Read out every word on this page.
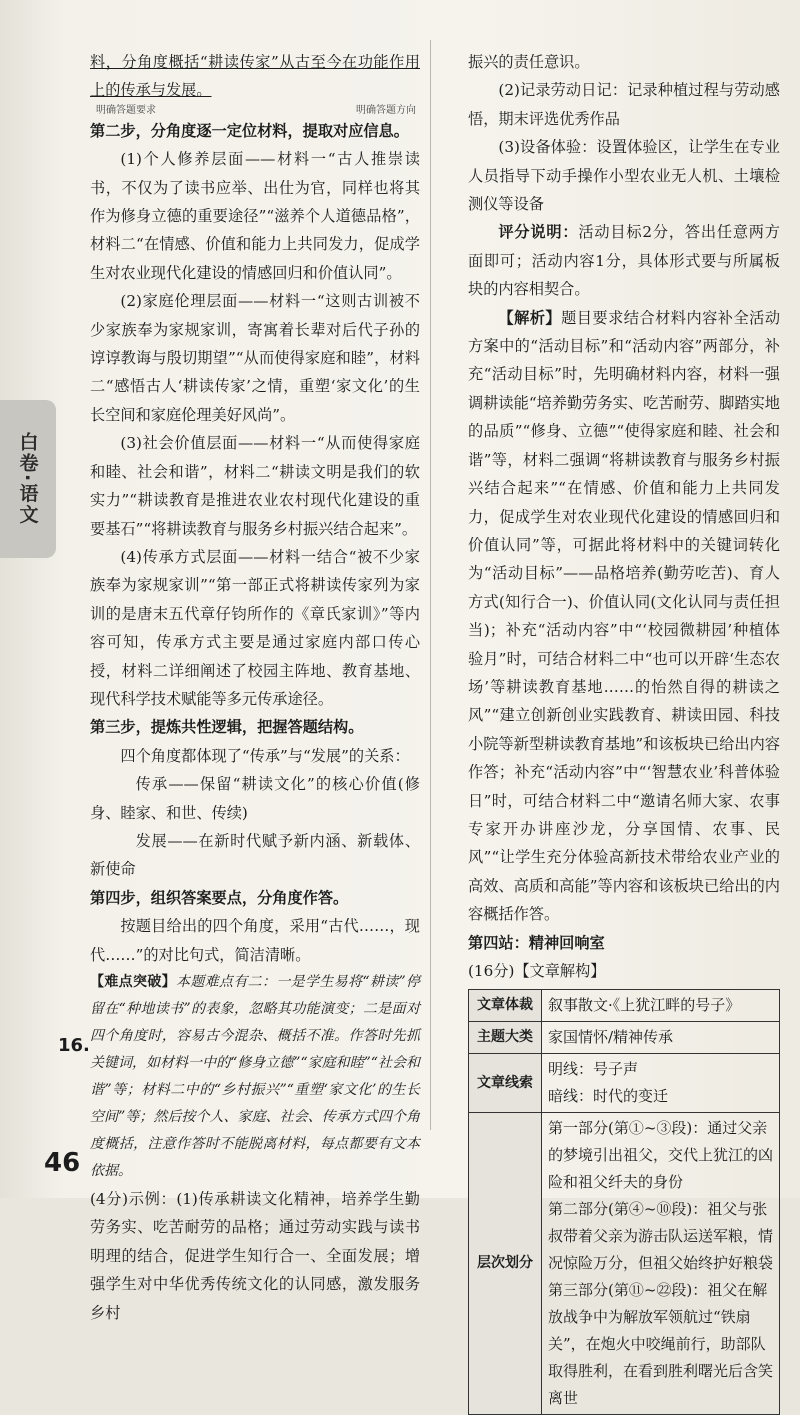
白卷·语文

料，分角度概括“耕读传家”从古至今在功能作用上的传承与发展。

明确答题要求	明确答题方向

第二步，分角度逐一定位材料，提取对应信息。

(1)个人修养层面——材料一“古人推崇读书，不仅为了读书应举、出仕为官，同样也将其作为修身立德的重要途径”“滋养个人道德品格”，材料二“在情感、价值和能力上共同发力，促成学生对农业现代化建设的情感回归和价值认同”。

(2)家庭伦理层面——材料一“这则古训被不少家族奉为家规家训，寄寓着长辈对后代子孙的谆谆教诲与殷切期望”“从而使得家庭和睦”，材料二“感悟古人‘耕读传家’之情，重塑‘家文化’的生长空间和家庭伦理美好风尚”。

(3)社会价值层面——材料一“从而使得家庭和睦、社会和谐”，材料二“耕读文明是我们的软实力”“耕读教育是推进农业农村现代化建设的重要基石”“将耕读教育与服务乡村振兴结合起来”。

(4)传承方式层面——材料一结合“被不少家族奉为家规家训”“第一部正式将耕读传家列为家训的是唐末五代章仔钧所作的《章氏家训》”等内容可知，传承方式主要是通过家庭内部口传心授，材料二详细阐述了校园主阵地、教育基地、现代科学技术赋能等多元传承途径。

第三步，提炼共性逻辑，把握答题结构。

四个角度都体现了“传承”与“发展”的关系：

传承——保留“耕读文化”的核心价值(修身、睦家、和世、传续)

发展——在新时代赋予新内涵、新载体、新使命

第四步，组织答案要点，分角度作答。

按题目给出的四个角度，采用“古代……，现代……”的对比句式，简洁清晰。

【难点突破】本题难点有二：一是学生易将“耕读”停留在“种地读书”的表象，忽略其功能演变；二是面对四个角度时，容易古今混杂、概括不准。作答时先抓关键词，如材料一中的“修身立德”“家庭和睦”“社会和谐”等；材料二中的“乡村振兴”“重塑‘家文化’的生长空间”等；然后按个人、家庭、社会、传承方式四个角度概括，注意作答时不能脱离材料，每点都要有文本依据。

(4分)示例：(1)传承耕读文化精神，培养学生勤劳务实、吃苦耐劳的品格；通过劳动实践与读书明理的结合，促进学生知行合一、全面发展；增强学生对中华优秀传统文化的认同感，激发服务乡村

16.

振兴的责任意识。

(2)记录劳动日记：记录种植过程与劳动感悟，期末评选优秀作品

(3)设备体验：设置体验区，让学生在专业人员指导下动手操作小型农业无人机、土壤检测仪等设备

评分说明：活动目标2分，答出任意两方面即可；活动内容1分，具体形式要与所属板块的内容相契合。

【解析】题目要求结合材料内容补全活动方案中的“活动目标”和“活动内容”两部分，补充“活动目标”时，先明确材料内容，材料一强调耕读能“培养勤劳务实、吃苦耐劳、脚踏实地的品质”“修身、立德”“使得家庭和睦、社会和谐”等，材料二强调“将耕读教育与服务乡村振兴结合起来”“在情感、价值和能力上共同发力，促成学生对农业现代化建设的情感回归和价值认同”等，可据此将材料中的关键词转化为“活动目标”——品格培养(勤劳吃苦)、育人方式(知行合一)、价值认同(文化认同与责任担当)；补充“活动内容”中“‘校园微耕园’种植体验月”时，可结合材料二中“也可以开辟‘生态农场’等耕读教育基地……的怡然自得的耕读之风”“建立创新创业实践教育、耕读田园、科技小院等新型耕读教育基地”和该板块已给出内容作答；补充“活动内容”中“‘智慧农业’科普体验日”时，可结合材料二中“邀请名师大家、农事专家开办讲座沙龙，分享国情、农事、民风”“让学生充分体验高新技术带给农业产业的高效、高质和高能”等内容和该板块已给出的内容概括作答。

第四站：精神回响室

(16分)【文章解构】

文章体裁	叙事散文·《上犹江畔的号子》
主题大类	家国情怀/精神传承
文章线索	明线：号子声
暗线：时代的变迁

层次划分	第一部分(第①~③段)：通过父亲的梦境引出祖父，交代上犹江的凶险和祖父纤夫的身份
第二部分(第④~⑩段)：祖父与张叔带着父亲为游击队运送军粮，情况惊险万分，但祖父始终护好粮袋
第三部分(第⑪~㉒段)：祖父在解放战争中为解放军领航过“铁扇关”，在炮火中咬绳前行，助部队取得胜利，在看到胜利曙光后含笑离世
46
